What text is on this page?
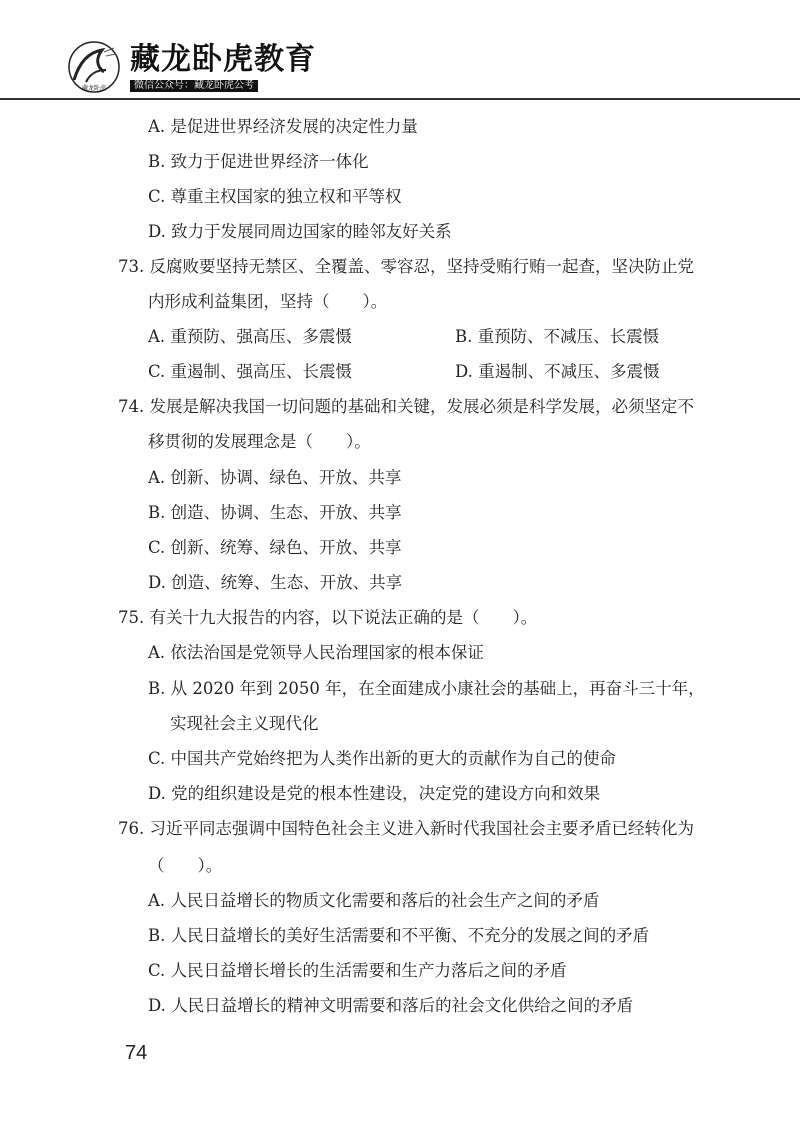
藏龙卧虎
藏龙卧虎教育
微信公众号：藏龙卧虎公考
A. 是促进世界经济发展的决定性力量
B. 致力于促进世界经济一体化
C. 尊重主权国家的独立权和平等权
D. 致力于发展同周边国家的睦邻友好关系
73. 反腐败要坚持无禁区、全覆盖、零容忍，坚持受贿行贿一起查，坚决防止党
内形成利益集团，坚持（　　）。
A. 重预防、强高压、多震慑	B. 重预防、不减压、长震慑
C. 重遏制、强高压、长震慑	D. 重遏制、不减压、多震慑
74. 发展是解决我国一切问题的基础和关键，发展必须是科学发展，必须坚定不
移贯彻的发展理念是（　　）。
A. 创新、协调、绿色、开放、共享
B. 创造、协调、生态、开放、共享
C. 创新、统筹、绿色、开放、共享
D. 创造、统筹、生态、开放、共享
75. 有关十九大报告的内容，以下说法正确的是（　　）。
A. 依法治国是党领导人民治理国家的根本保证
B. 从 2020 年到 2050 年，在全面建成小康社会的基础上，再奋斗三十年，
实现社会主义现代化
C. 中国共产党始终把为人类作出新的更大的贡献作为自己的使命
D. 党的组织建设是党的根本性建设，决定党的建设方向和效果
76. 习近平同志强调中国特色社会主义进入新时代我国社会主要矛盾已经转化为
（　　）。
A. 人民日益增长的物质文化需要和落后的社会生产之间的矛盾
B. 人民日益增长的美好生活需要和不平衡、不充分的发展之间的矛盾
C. 人民日益增长增长的生活需要和生产力落后之间的矛盾
D. 人民日益增长的精神文明需要和落后的社会文化供给之间的矛盾
74
